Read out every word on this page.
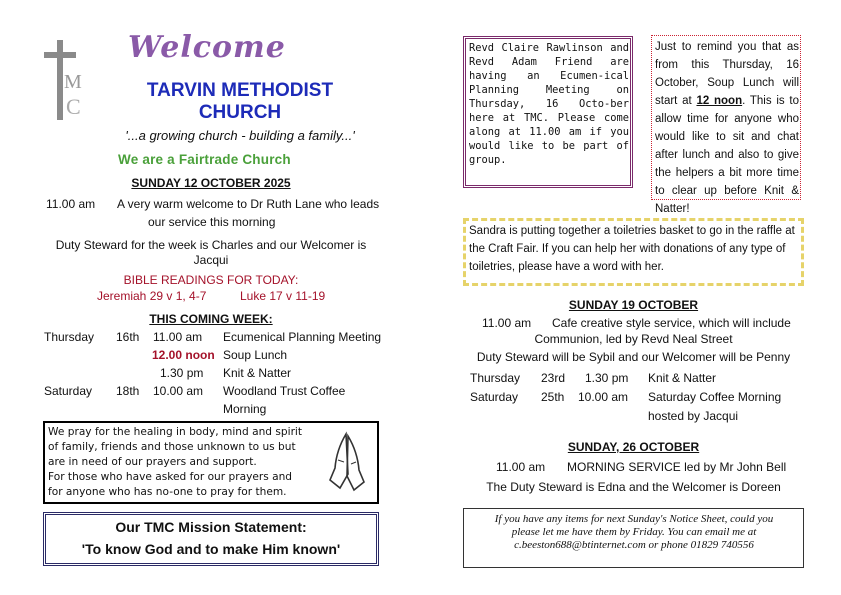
M
C
Welcome
TARVIN METHODIST
CHURCH
'...a growing church - building a family...'
We are a Fairtrade Church
SUNDAY 12 OCTOBER 2025
11.00 am A very warm welcome to Dr Ruth Lane who leads
our service this morning
Duty Steward for the week is Charles and our Welcomer is
Jacqui
BIBLE READINGS FOR TODAY:
Jeremiah 29 v 1, 4-7	Luke 17 v 11-19
THIS COMING WEEK:
Thursday 16th 11.00 am Ecumenical Planning Meeting
12.00 noon Soup Lunch
1.30 pm Knit & Natter
Saturday 18th 10.00 am Woodland Trust Coffee
Morning
We pray for the healing in body, mind and spirit
of family, friends and those unknown to us but
are in need of our prayers and support.
For those who have asked for our prayers and
for anyone who has no-one to pray for them.
Our TMC Mission Statement:
'To know God and to make Him known'
Revd Claire Rawlinson and Revd Adam Friend are having an Ecumen-ical Planning Meeting on Thursday, 16 Octo-ber here at TMC. Please come along at 11.00 am if you would like to be part of group.
Just to remind you that as from this Thursday, 16 October, Soup Lunch will start at 12 noon. This is to allow time for anyone who would like to sit and chat after lunch and also to give the helpers a bit more time to clear up before Knit & Natter!
Sandra is putting together a toiletries basket to go in the raffle at the Craft Fair. If you can help her with donations of any type of toiletries, please have a word with her.
SUNDAY 19 OCTOBER
11.00 am Cafe creative style service, which will include
Communion, led by Revd Neal Street
Duty Steward will be Sybil and our Welcomer will be Penny
Thursday 23rd 1.30 pm Knit & Natter
Saturday 25th 10.00 am Saturday Coffee Morning
hosted by Jacqui
SUNDAY, 26 OCTOBER
11.00 am MORNING SERVICE led by Mr John Bell
The Duty Steward is Edna and the Welcomer is Doreen
If you have any items for next Sunday's Notice Sheet, could you
please let me have them by Friday. You can email me at
c.beeston688@btinternet.com or phone 01829 740556
